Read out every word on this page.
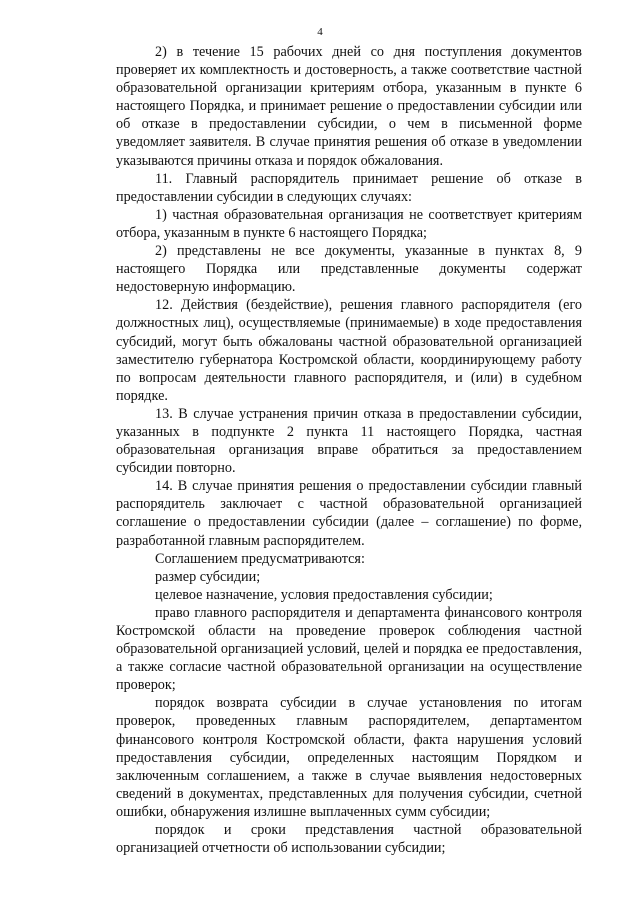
4

2) в течение 15 рабочих дней со дня поступления документов проверяет их комплектность и достоверность, а также соответствие частной образовательной организации критериям отбора, указанным в пункте 6 настоящего Порядка, и принимает решение о предоставлении субсидии или об отказе в предоставлении субсидии, о чем в письменной форме уведомляет заявителя. В случае принятия решения об отказе в уведомлении указываются причины отказа и порядок обжалования.

11. Главный распорядитель принимает решение об отказе в предоставлении субсидии в следующих случаях:

1) частная образовательная организация не соответствует критериям отбора, указанным в пункте 6 настоящего Порядка;

2) представлены не все документы, указанные в пунктах 8, 9 настоящего Порядка или представленные документы содержат недостоверную информацию.

12. Действия (бездействие), решения главного распорядителя (его должностных лиц), осуществляемые (принимаемые) в ходе предоставления субсидий, могут быть обжалованы частной образовательной организацией заместителю губернатора Костромской области, координирующему работу по вопросам деятельности главного распорядителя, и (или) в судебном порядке.

13. В случае устранения причин отказа в предоставлении субсидии, указанных в подпункте 2 пункта 11 настоящего Порядка, частная образовательная организация вправе обратиться за предоставлением субсидии повторно.

14. В случае принятия решения о предоставлении субсидии главный распорядитель заключает с частной образовательной организацией соглашение о предоставлении субсидии (далее – соглашение) по форме, разработанной главным распорядителем.

Соглашением предусматриваются:

размер субсидии;

целевое назначение, условия предоставления субсидии;

право главного распорядителя и департамента финансового контроля Костромской области на проведение проверок соблюдения частной образовательной организацией условий, целей и порядка ее предоставления, а также согласие частной образовательной организации на осуществление проверок;

порядок возврата субсидии в случае установления по итогам проверок, проведенных главным распорядителем, департаментом финансового контроля Костромской области, факта нарушения условий предоставления субсидии, определенных настоящим Порядком и заключенным соглашением, а также в случае выявления недостоверных сведений в документах, представленных для получения субсидии, счетной ошибки, обнаружения излишне выплаченных сумм субсидии;

порядок и сроки представления частной образовательной организацией отчетности об использовании субсидии;
